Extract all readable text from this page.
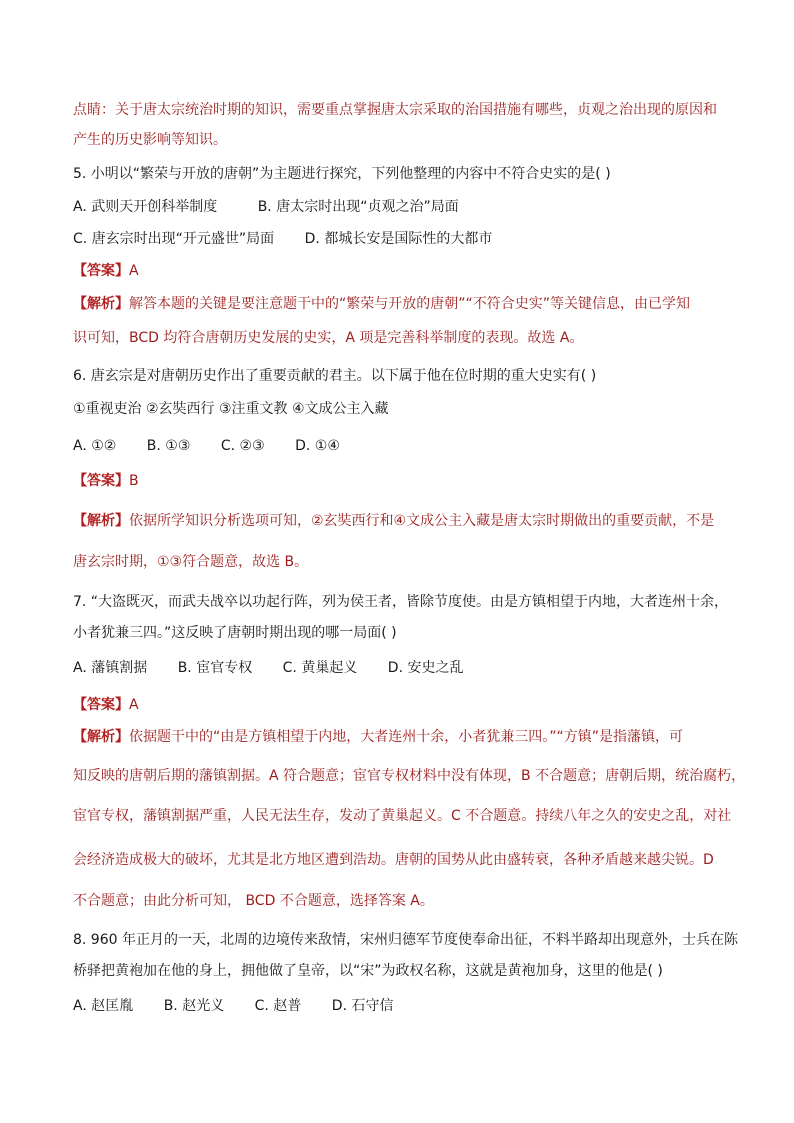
点睛：关于唐太宗统治时期的知识，需要重点掌握唐太宗采取的治国措施有哪些，贞观之治出现的原因和
产生的历史影响等知识。
5. 小明以“繁荣与开放的唐朝”为主题进行探究，下列他整理的内容中不符合史实的是( )
A. 武则天开创科举制度	B. 唐太宗时出现“贞观之治”局面
C. 唐玄宗时出现“开元盛世”局面 D. 都城长安是国际性的大都市
【答案】A
【解析】解答本题的关键是要注意题干中的“繁荣与开放的唐朝”“不符合史实”等关键信息，由已学知
识可知，BCD 均符合唐朝历史发展的史实，A 项是完善科举制度的表现。故选 A。
6. 唐玄宗是对唐朝历史作出了重要贡献的君主。以下属于他在位时期的重大史实有( )
①重视吏治 ②玄奘西行 ③注重文教 ④文成公主入藏
A. ①② B. ①③ C. ②③ D. ①④
【答案】B
【解析】依据所学知识分析选项可知，②玄奘西行和④文成公主入藏是唐太宗时期做出的重要贡献，不是
唐玄宗时期，①③符合题意，故选 B。
7. “大盗既灭，而武夫战卒以功起行阵，列为侯王者，皆除节度使。由是方镇相望于内地，大者连州十余，
小者犹兼三四。”这反映了唐朝时期出现的哪一局面( )
A. 藩镇割据 B. 宦官专权 C. 黄巢起义 D. 安史之乱
【答案】A
【解析】依据题干中的“由是方镇相望于内地，大者连州十余，小者犹兼三四。”“方镇”是指藩镇，可
知反映的唐朝后期的藩镇割据。A 符合题意；宦官专权材料中没有体现，B 不合题意；唐朝后期，统治腐朽，
宦官专权，藩镇割据严重，人民无法生存，发动了黄巢起义。C 不合题意。持续八年之久的安史之乱，对社
会经济造成极大的破坏，尤其是北方地区遭到浩劫。唐朝的国势从此由盛转衰，各种矛盾越来越尖锐。D
不合题意；由此分析可知， BCD 不合题意，选择答案 A。
8. 960 年正月的一天，北周的边境传来敌情，宋州归德军节度使奉命出征，不料半路却出现意外，士兵在陈
桥驿把黄袍加在他的身上，拥他做了皇帝，以“宋”为政权名称，这就是黄袍加身，这里的他是( )
A. 赵匡胤 B. 赵光义 C. 赵普 D. 石守信
